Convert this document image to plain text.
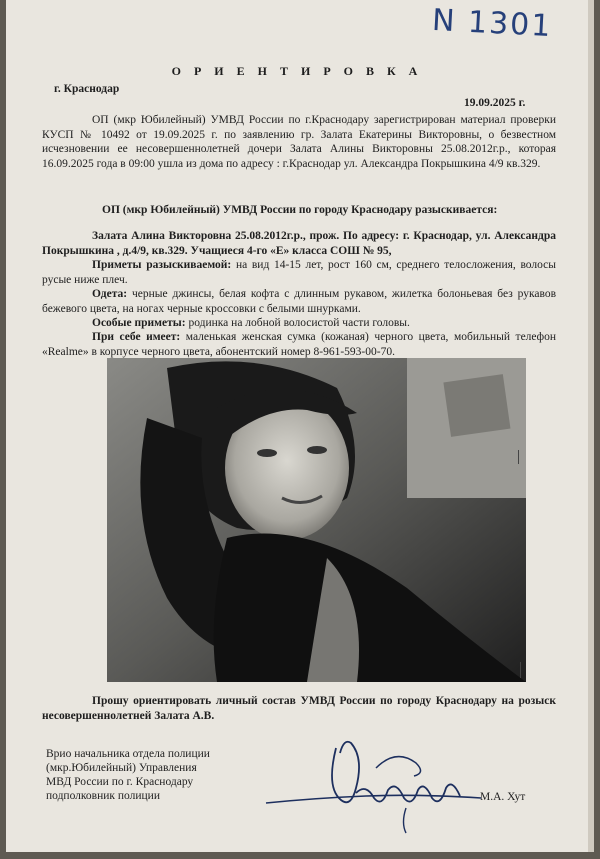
N 1301
О Р И Е Н Т И Р О В К А
г. Краснодар
19.09.2025 г.
ОП (мкр Юбилейный) УМВД России по г.Краснодару зарегистрирован материал проверки КУСП № 10492 от 19.09.2025 г. по заявлению гр. Залата Екатерины Викторовны, о безвестном исчезновении ее несовершеннолетней дочери Залата Алины Викторовны 25.08.2012г.р., которая 16.09.2025 года в 09:00 ушла из дома по адресу : г.Краснодар ул. Александра Покрышкина 4/9 кв.329.
ОП (мкр Юбилейный) УМВД России по городу Краснодару разыскивается:
Залата Алина Викторовна 25.08.2012г.р., прож. По адресу: г. Краснодар, ул. Александра Покрышкина , д.4/9, кв.329. Учащиеся 4-го «Е» класса СОШ № 95,
Приметы разыскиваемой: на вид 14-15 лет, рост 160 см, среднего телосложения, волосы русые ниже плеч.
Одета: черные джинсы, белая кофта с длинным рукавом, жилетка болоньевая без рукавов бежевого цвета, на ногах черные кроссовки с белыми шнурками.
Особые приметы: родинка на лобной волосистой части головы.
При себе имеет: маленькая женская сумка (кожаная) черного цвета, мобильный телефон «Realme» в корпусе черного цвета, абонентский номер 8-961-593-00-70.
Прошу ориентировать личный состав УМВД России по городу Краснодару на розыск несовершеннолетней Залата А.В.
Врио начальника отдела полиции
(мкр.Юбилейный) Управления
МВД России по г. Краснодару
подполковник полиции	М.А. Хут
